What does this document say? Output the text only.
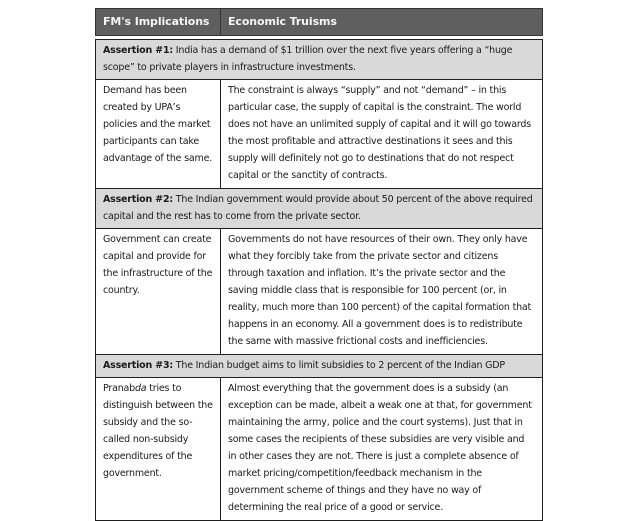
FM's Implications	Economic Truisms
Assertion #1: India has a demand of $1 trillion over the next five years offering a “huge scope” to private players in infrastructure investments.
Demand has been created by UPA’s policies and the market participants can take advantage of the same.
The constraint is always “supply” and not “demand” – in this particular case, the supply of capital is the constraint. The world does not have an unlimited supply of capital and it will go towards the most profitable and attractive destinations it sees and this supply will definitely not go to destinations that do not respect capital or the sanctity of contracts.
Assertion #2: The Indian government would provide about 50 percent of the above required capital and the rest has to come from the private sector.
Government can create capital and provide for the infrastructure of the country.
Governments do not have resources of their own. They only have what they forcibly take from the private sector and citizens through taxation and inflation. It’s the private sector and the saving middle class that is responsible for 100 percent (or, in reality, much more than 100 percent) of the capital formation that happens in an economy. All a government does is to redistribute the same with massive frictional costs and inefficiencies.
Assertion #3: The Indian budget aims to limit subsidies to 2 percent of the Indian GDP
Pranabda tries to distinguish between the subsidy and the so-called non-subsidy expenditures of the government.
Almost everything that the government does is a subsidy (an exception can be made, albeit a weak one at that, for government maintaining the army, police and the court systems). Just that in some cases the recipients of these subsidies are very visible and in other cases they are not. There is just a complete absence of market pricing/competition/feedback mechanism in the government scheme of things and they have no way of determining the real price of a good or service.
